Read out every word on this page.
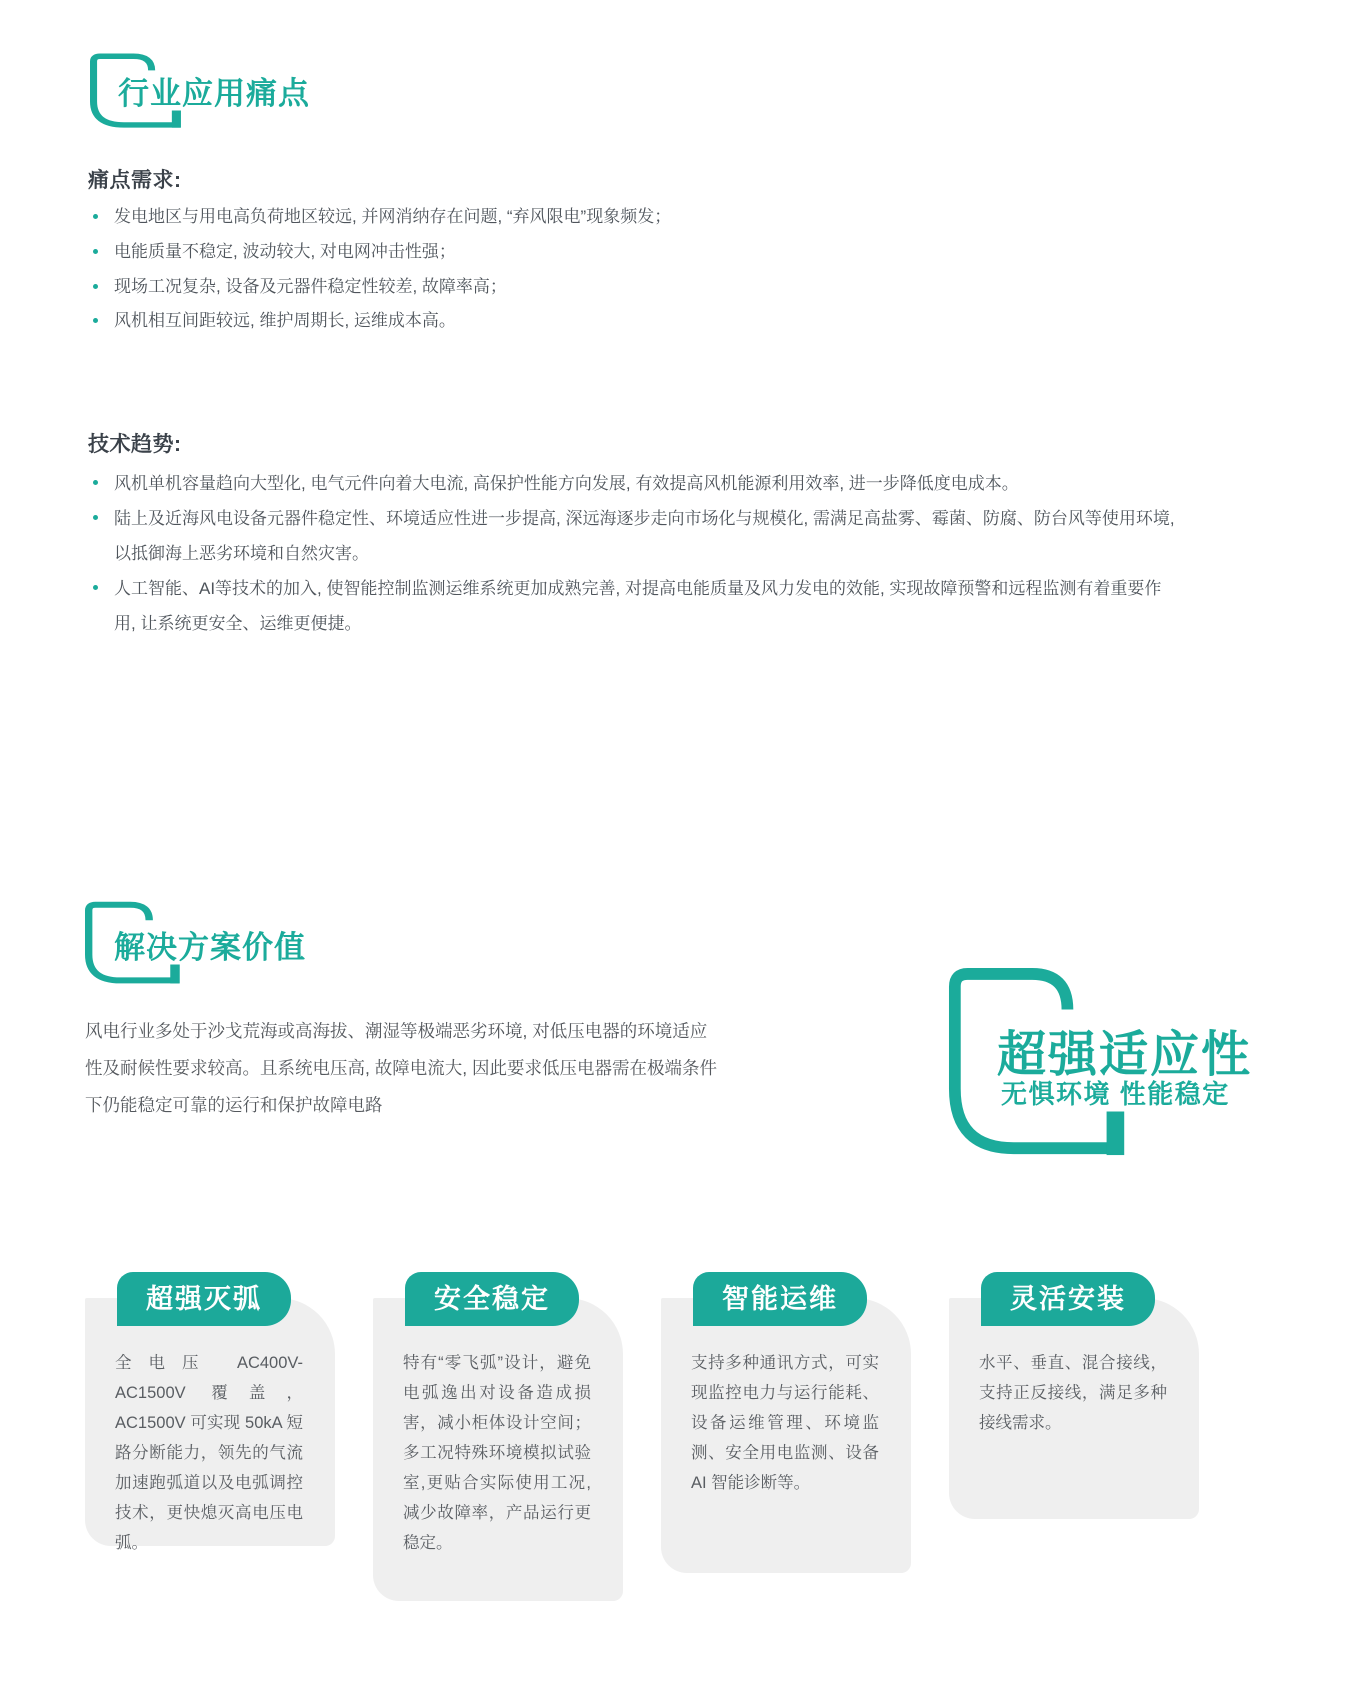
行业应用痛点
痛点需求:
发电地区与用电高负荷地区较远, 并网消纳存在问题, “弃风限电”现象频发；
电能质量不稳定, 波动较大, 对电网冲击性强；
现场工况复杂, 设备及元器件稳定性较差, 故障率高；
风机相互间距较远, 维护周期长, 运维成本高。
技术趋势:
风机单机容量趋向大型化, 电气元件向着大电流, 高保护性能方向发展, 有效提高风机能源利用效率, 进一步降低度电成本。
陆上及近海风电设备元器件稳定性、环境适应性进一步提高, 深远海逐步走向市场化与规模化, 需满足高盐雾、霉菌、防腐、防台风等使用环境, 以抵御海上恶劣环境和自然灾害。
人工智能、AI等技术的加入, 使智能控制监测运维系统更加成熟完善, 对提高电能质量及风力发电的效能, 实现故障预警和远程监测有着重要作用, 让系统更安全、运维更便捷。
解决方案价值

风电行业多处于沙戈荒海或高海拔、潮湿等极端恶劣环境, 对低压电器的环境适应性及耐候性要求较高。且系统电压高, 故障电流大, 因此要求低压电器需在极端条件下仍能稳定可靠的运行和保护故障电路

超强适应性
无惧环境 性能稳定
超强灭弧

全电压 AC400V-AC1500V 覆盖，AC1500V 可实现 50kA 短路分断能力，领先的气流加速跑弧道以及电弧调控技术，更快熄灭高电压电弧。

安全稳定

特有“零飞弧”设计，避免电弧逸出对设备造成损害，减小柜体设计空间；多工况特殊环境模拟试验室,更贴合实际使用工况,减少故障率，产品运行更稳定。

智能运维

支持多种通讯方式，可实现监控电力与运行能耗、设备运维管理、环境监测、安全用电监测、设备 AI 智能诊断等。

灵活安装

水平、垂直、混合接线，支持正反接线，满足多种接线需求。
